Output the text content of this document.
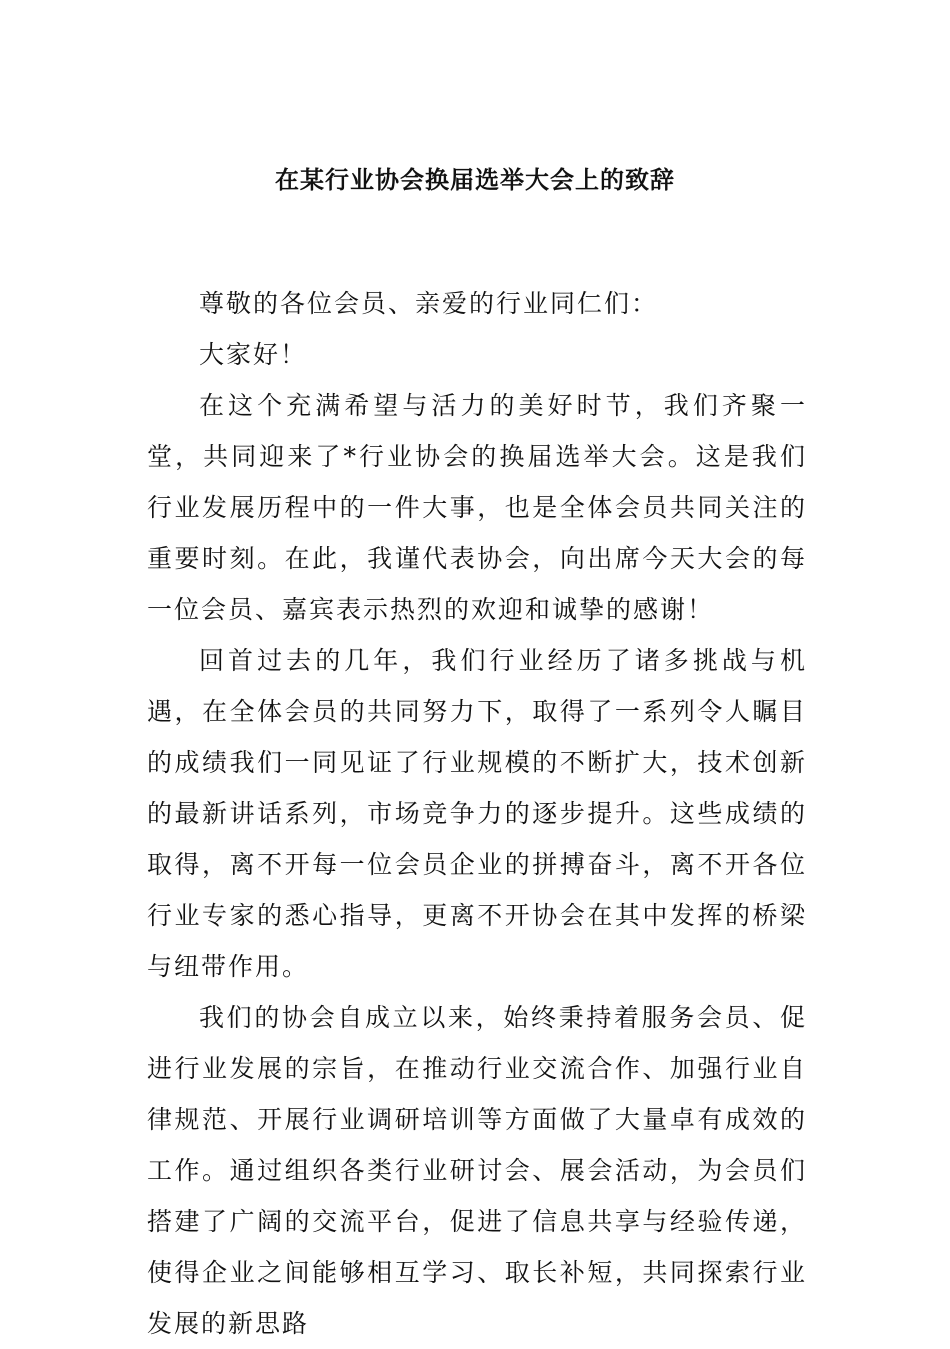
在某行业协会换届选举大会上的致辞

尊敬的各位会员、亲爱的行业同仁们：

大家好！

在这个充满希望与活力的美好时节，我们齐聚一堂，共同迎来了*行业协会的换届选举大会。这是我们行业发展历程中的一件大事，也是全体会员共同关注的重要时刻。在此，我谨代表协会，向出席今天大会的每一位会员、嘉宾表示热烈的欢迎和诚挚的感谢！

回首过去的几年，我们行业经历了诸多挑战与机遇，在全体会员的共同努力下，取得了一系列令人瞩目的成绩我们一同见证了行业规模的不断扩大，技术创新的最新讲话系列，市场竞争力的逐步提升。这些成绩的取得，离不开每一位会员企业的拼搏奋斗，离不开各位行业专家的悉心指导，更离不开协会在其中发挥的桥梁与纽带作用。

我们的协会自成立以来，始终秉持着服务会员、促进行业发展的宗旨，在推动行业交流合作、加强行业自律规范、开展行业调研培训等方面做了大量卓有成效的工作。通过组织各类行业研讨会、展会活动，为会员们搭建了广阔的交流平台，促进了信息共享与经验传递，使得企业之间能够相互学习、取长补短，共同探索行业发展的新思路
